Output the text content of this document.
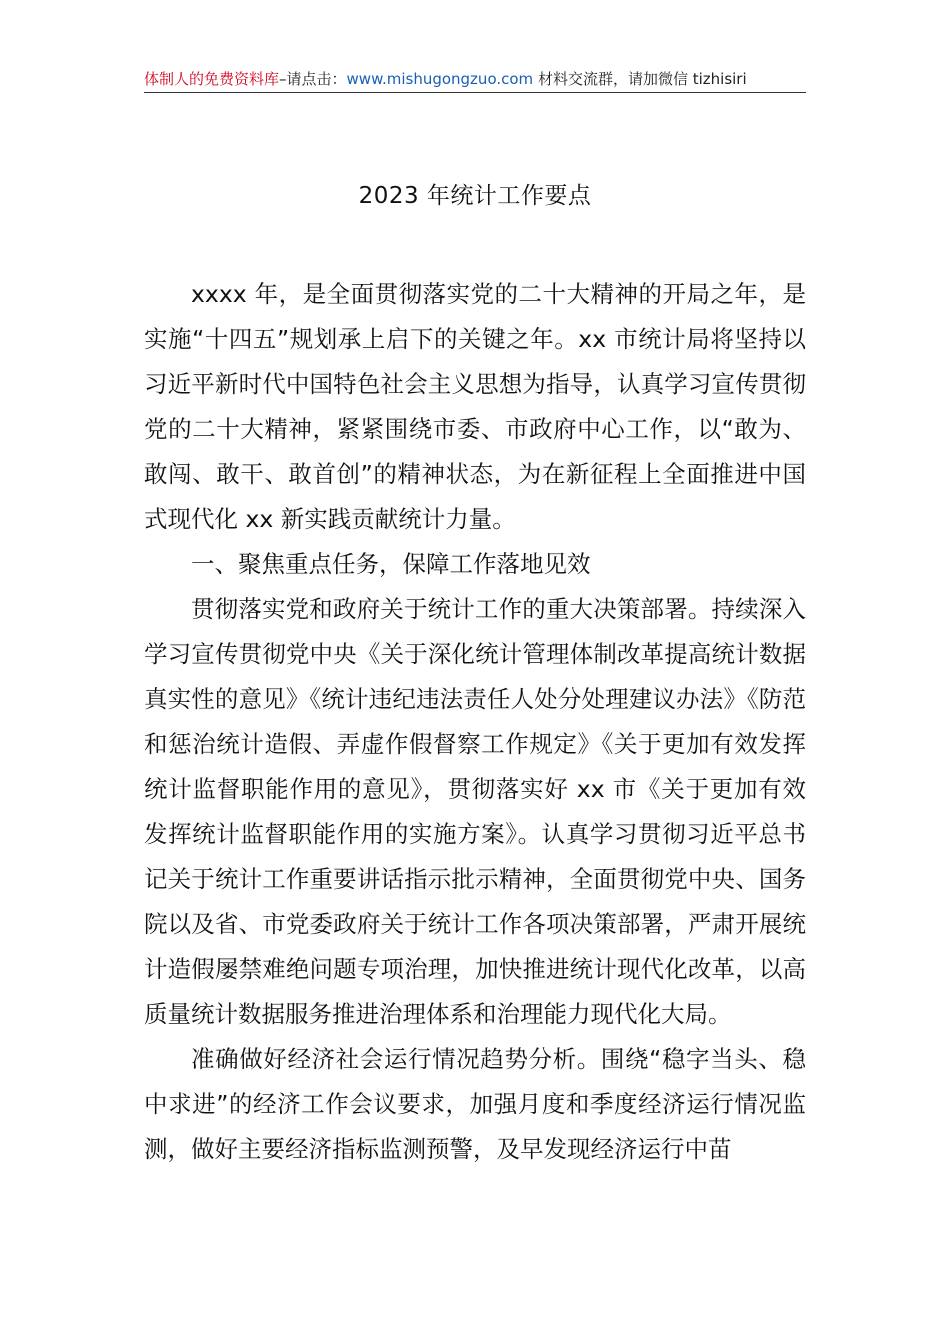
体制人的免费资料库–请点击：www.mishugongzuo.com 材料交流群，请加微信 tizhisiri
2023 年统计工作要点

xxxx 年，是全面贯彻落实党的二十大精神的开局之年，是实施“十四五”规划承上启下的关键之年。xx 市统计局将坚持以习近平新时代中国特色社会主义思想为指导，认真学习宣传贯彻党的二十大精神，紧紧围绕市委、市政府中心工作，以“敢为、敢闯、敢干、敢首创”的精神状态，为在新征程上全面推进中国式现代化 xx 新实践贡献统计力量。

一、聚焦重点任务，保障工作落地见效

贯彻落实党和政府关于统计工作的重大决策部署。持续深入学习宣传贯彻党中央《关于深化统计管理体制改革提高统计数据真实性的意见》《统计违纪违法责任人处分处理建议办法》《防范和惩治统计造假、弄虚作假督察工作规定》《关于更加有效发挥统计监督职能作用的意见》，贯彻落实好 xx 市《关于更加有效发挥统计监督职能作用的实施方案》。认真学习贯彻习近平总书记关于统计工作重要讲话指示批示精神，全面贯彻党中央、国务院以及省、市党委政府关于统计工作各项决策部署，严肃开展统计造假屡禁难绝问题专项治理，加快推进统计现代化改革，以高质量统计数据服务推进治理体系和治理能力现代化大局。

准确做好经济社会运行情况趋势分析。围绕“稳字当头、稳中求进”的经济工作会议要求，加强月度和季度经济运行情况监测，做好主要经济指标监测预警，及早发现经济运行中苗
